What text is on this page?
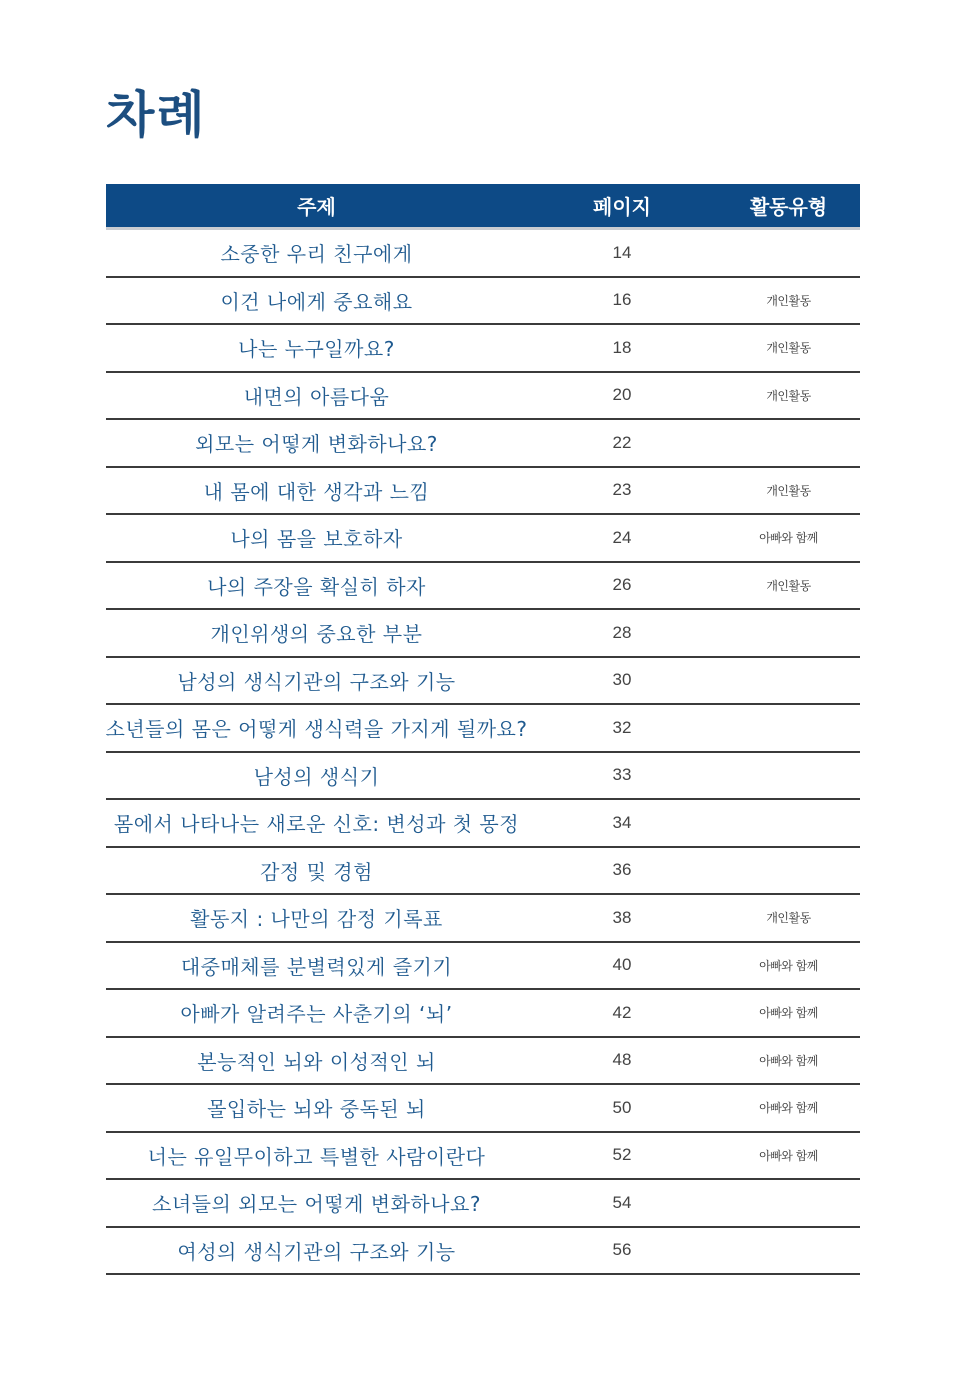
차례
주제	페이지	활동유형
소중한 우리 친구에게	14
이건 나에게 중요해요	16	개인활동
나는 누구일까요?	18	개인활동
내면의 아름다움	20	개인활동
외모는 어떻게 변화하나요?	22
내 몸에 대한 생각과 느낌	23	개인활동
나의 몸을 보호하자	24	아빠와 함께
나의 주장을 확실히 하자	26	개인활동
개인위생의 중요한 부분	28
남성의 생식기관의 구조와 기능	30
소년들의 몸은 어떻게 생식력을 가지게 될까요?	32
남성의 생식기	33
몸에서 나타나는 새로운 신호: 변성과 첫 몽정	34
감정 및 경험	36
활동지 : 나만의 감정 기록표	38	개인활동
대중매체를 분별력있게 즐기기	40	아빠와 함께
아빠가 알려주는 사춘기의 ‘뇌’	42	아빠와 함께
본능적인 뇌와 이성적인 뇌	48	아빠와 함께
몰입하는 뇌와 중독된 뇌	50	아빠와 함께
너는 유일무이하고 특별한 사람이란다	52	아빠와 함께
소녀들의 외모는 어떻게 변화하나요?	54
여성의 생식기관의 구조와 기능	56
